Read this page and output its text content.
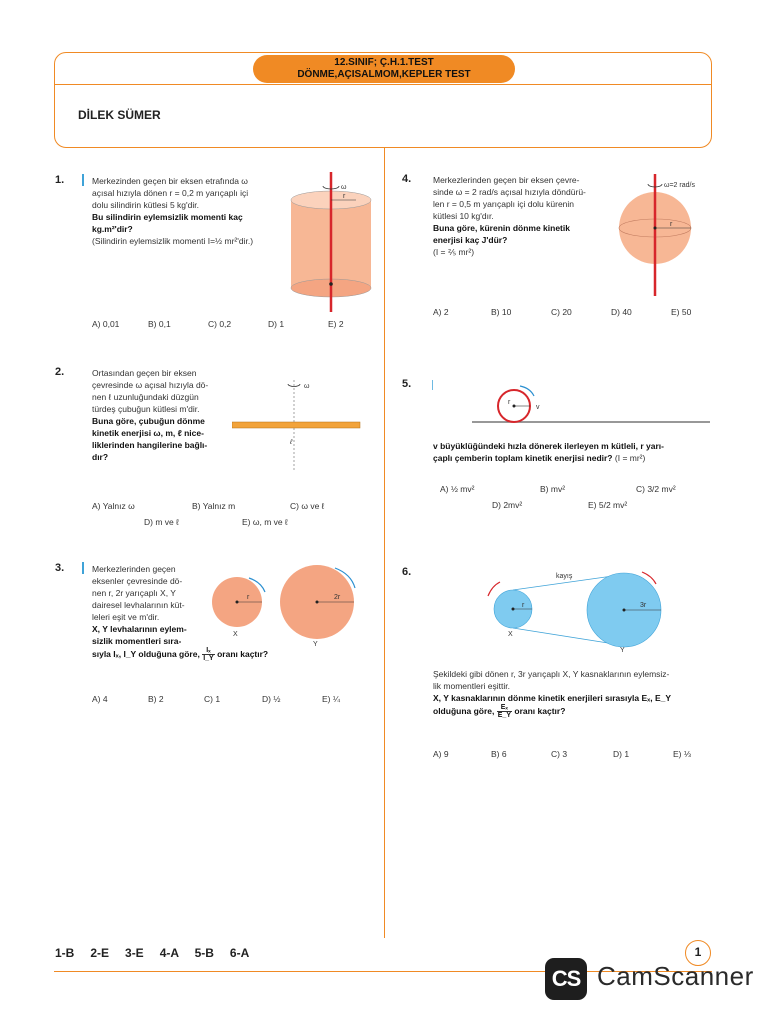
12.SINIF; Ç.H.1.TEST
DÖNME,AÇISALMOM,KEPLER TEST
DİLEK SÜMER
1.	Merkezinden geçen bir eksen etrafında ω
açısal hızıyla dönen r = 0,2 m yarıçaplı içi
dolu silindirin kütlesi 5 kg'dir.
Bu silindirin eylemsizlik momenti kaç
kg.m²'dir?
(Silindirin eylemsizlik momenti I=½ mr²'dir.)
ω
r
A) 0,01	B) 0,1	C) 0,2	D) 1	E) 2
2.	Ortasından geçen bir eksen
çevresinde ω açısal hızıyla dö-
nen ℓ uzunluğundaki düzgün
türdeş çubuğun kütlesi m'dir.
Buna göre, çubuğun dönme
kinetik enerjisi ω, m, ℓ nice-
liklerinden hangilerine bağlı-
dır?
ω
ℓ
A) Yalnız ω	B) Yalnız m	C) ω ve ℓ
D) m ve ℓ	E) ω, m ve ℓ
3.	Merkezlerinden geçen
eksenler çevresinde dö-
nen r, 2r yarıçaplı X, Y
dairesel levhalarının küt-
leleri eşit ve m'dir.
X, Y levhalarının eylem-
sizlik momentleri sıra-
sıyla Iₓ, I_Y olduğuna göre, $\frac{\text{Iₓ}}{I\_Y}$ oranı kaçtır?
r	2r
X
Y
A) 4	B) 2	C) 1	D) ½	E) ¼
4.	Merkezlerinden geçen bir eksen çevre-
sinde ω = 2 rad/s açısal hızıyla döndürü-
len r = 0,5 m yarıçaplı içi dolu kürenin
kütlesi 10 kg'dır.
Buna göre, kürenin dönme kinetik
enerjisi kaç J'dür?
(I = ⅖ mr²)
ω=2 rad/s
r
A) 2	B) 10	C) 20	D) 40	E) 50
5.
r
v
v büyüklüğündeki hızla dönerek ilerleyen m kütleli, r yarı-
çaplı çemberin toplam kinetik enerjisi nedir? (I = mr²)
A) ½ mv²	B) mv²	C) 3/2 mv²
D) 2mv²	E) 5/2 mv²
6.	kayış
r	3r
X
Y
Şekildeki gibi dönen r, 3r yarıçaplı X, Y kasnaklarının eylemsiz-
lik momentleri eşittir.
X, Y kasnaklarının dönme kinetik enerjileri sırasıyla Eₓ, E_Y
olduğuna göre, $\frac{\text{Eₓ}}{E\_Y}$ oranı kaçtır?
A) 9	B) 6	C) 3	D) 1	E) ⅓
1-B   2-E   3-E   4-A   5-B   6-A	1
CS CamScanner
